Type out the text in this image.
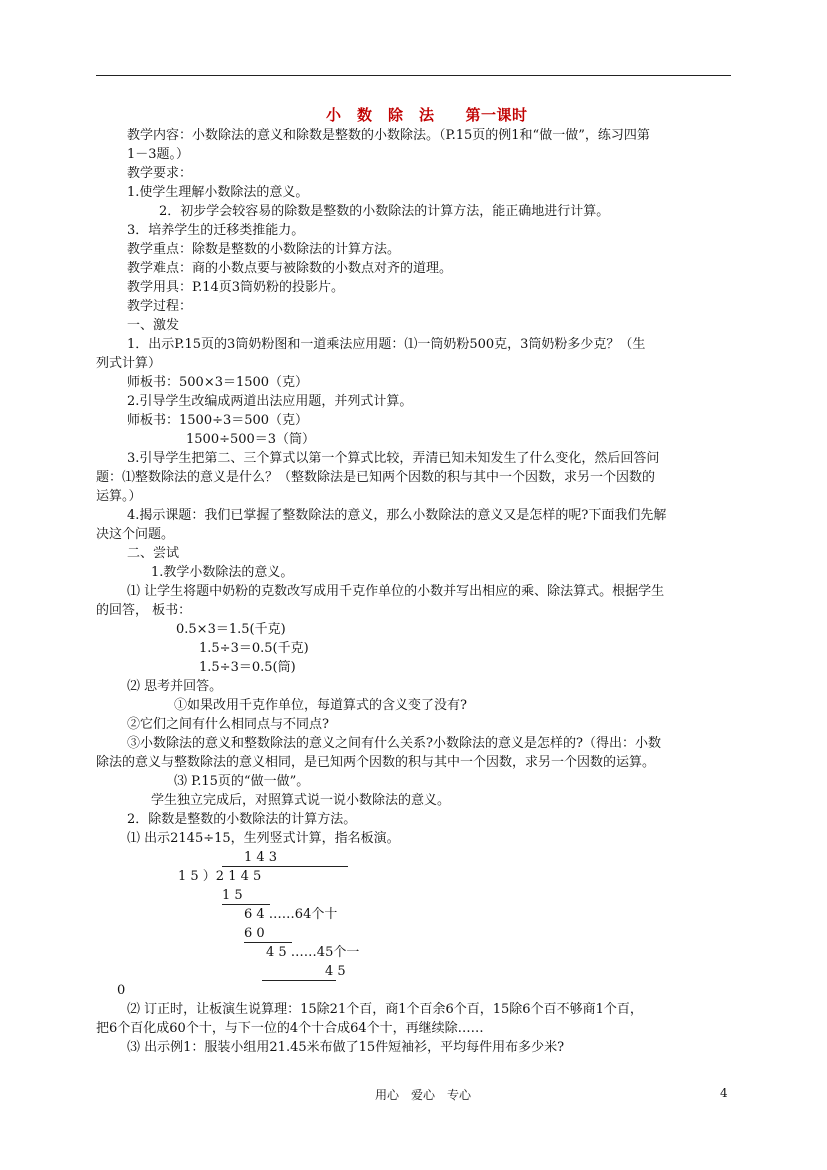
小　数　除　法　　第一课时
教学内容：小数除法的意义和除数是整数的小数除法。（P.15页的例1和“做一做”，练习四第
1－3题。）
教学要求：
1.使学生理解小数除法的意义。
2．初步学会较容易的除数是整数的小数除法的计算方法，能正确地进行计算。
3．培养学生的迁移类推能力。
教学重点：除数是整数的小数除法的计算方法。
教学难点：商的小数点要与被除数的小数点对齐的道理。
教学用具：P.14页3筒奶粉的投影片。
教学过程：
一、激发
1．出示P.15页的3筒奶粉图和一道乘法应用题：⑴一筒奶粉500克，3筒奶粉多少克？（生
列式计算）
师板书：500×3＝1500（克）
2.引导学生改编成两道出法应用题，并列式计算。
师板书：1500÷3＝500（克）
1500÷500＝3（筒）
3.引导学生把第二、三个算式以第一个算式比较，弄清已知未知发生了什么变化，然后回答问
题：⑴整数除法的意义是什么？（整数除法是已知两个因数的积与其中一个因数，求另一个因数的
运算。）
4.揭示课题：我们已掌握了整数除法的意义，那么小数除法的意义又是怎样的呢?下面我们先解
决这个问题。
二、尝试
1.教学小数除法的意义。
⑴ 让学生将题中奶粉的克数改写成用千克作单位的小数并写出相应的乘、除法算式。根据学生
的回答， 板书：
0.5×3＝1.5(千克)
1.5÷3＝0.5(千克)
1.5÷3＝0.5(筒)
⑵ 思考并回答。
①如果改用千克作单位，每道算式的含义变了没有?
②它们之间有什么相同点与不同点?
③小数除法的意义和整数除法的意义之间有什么关系?小数除法的意义是怎样的?（得出：小数
除法的意义与整数除法的意义相同，是已知两个因数的积与其中一个因数，求另一个因数的运算。
⑶ P.15页的“做一做”。
学生独立完成后，对照算式说一说小数除法的意义。
2．除数是整数的小数除法的计算方法。
⑴ 出示2145÷15，生列竖式计算，指名板演。
1 4 3
1 5 ）2 1 4 5
1 5
6 4 ……64个十
6 0
4 5 ……45个一
4 5
0
⑵ 订正时，让板演生说算理：15除21个百，商1个百余6个百，15除6个百不够商1个百，
把6个百化成60个十，与下一位的4个十合成64个十，再继续除……
⑶ 出示例1：服装小组用21.45米布做了15件短袖衫，平均每件用布多少米?
用心　爱心　专心	4
